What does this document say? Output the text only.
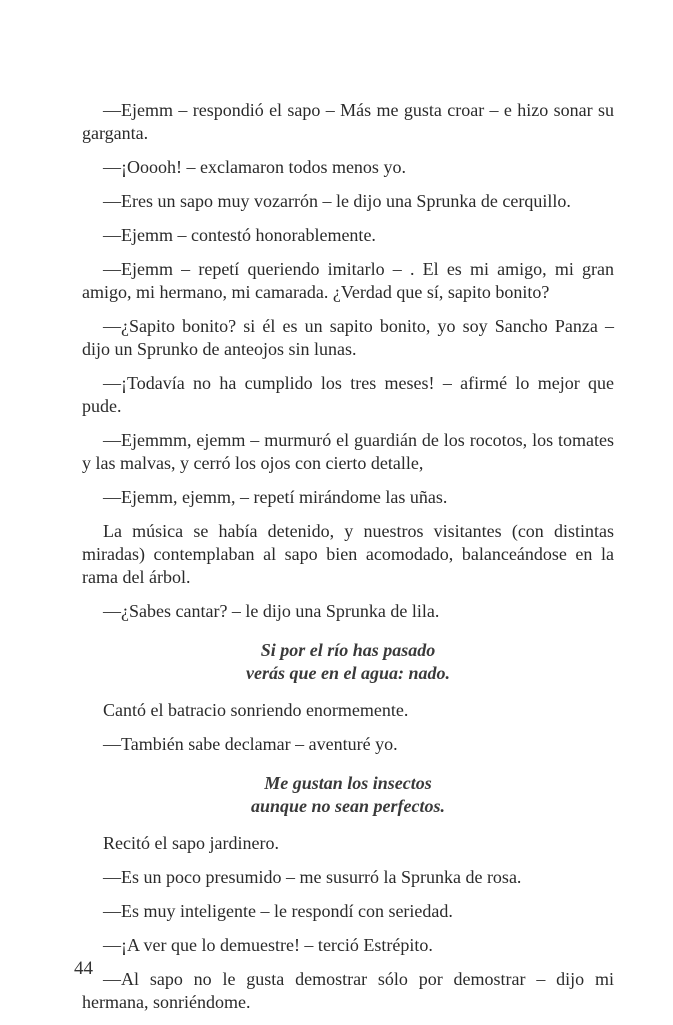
—Ejemm – respondió el sapo – Más me gusta croar – e hizo sonar su garganta.

—¡Ooooh! – exclamaron todos menos yo.

—Eres un sapo muy vozarrón – le dijo una Sprunka de cerquillo.

—Ejemm – contestó honorablemente.

—Ejemm – repetí queriendo imitarlo – . El es mi amigo, mi gran amigo, mi hermano, mi camarada. ¿Verdad que sí, sapito bonito?

—¿Sapito bonito? si él es un sapito bonito, yo soy Sancho Panza – dijo un Sprunko de anteojos sin lunas.

—¡Todavía no ha cumplido los tres meses! – afirmé lo mejor que pude.

—Ejemmm, ejemm – murmuró el guardián de los rocotos, los tomates y las malvas, y cerró los ojos con cierto detalle,

—Ejemm, ejemm, – repetí mirándome las uñas.

La música se había detenido, y nuestros visitantes (con distintas miradas) contemplaban al sapo bien acomodado, balanceándose en la rama del árbol.

—¿Sabes cantar? – le dijo una Sprunka de lila.

Si por el río has pasado
verás que en el agua: nado.

Cantó el batracio sonriendo enormemente.

—También sabe declamar – aventuré yo.

Me gustan los insectos
aunque no sean perfectos.

Recitó el sapo jardinero.

—Es un poco presumido – me susurró la Sprunka de rosa.

—Es muy inteligente – le respondí con seriedad.

—¡A ver que lo demuestre! – terció Estrépito.

—Al sapo no le gusta demostrar sólo por demostrar – dijo mi hermana, sonriéndome.

44
